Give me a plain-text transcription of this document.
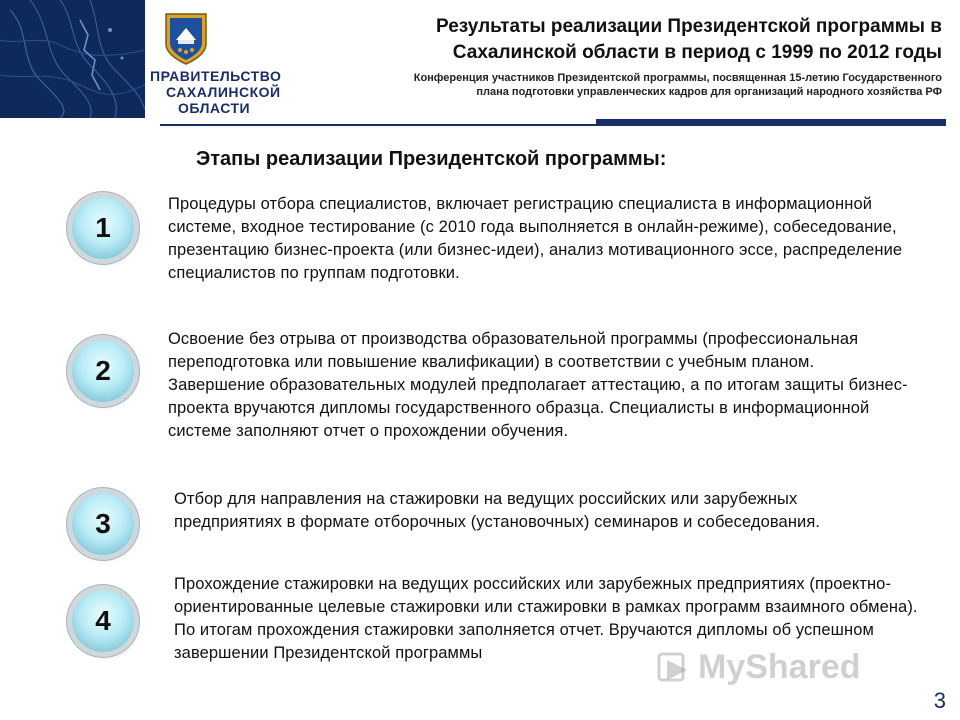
ПРАВИТЕЛЬСТВО
САХАЛИНСКОЙ
ОБЛАСТИ
Результаты реализации Президентской программы в
Сахалинской области в период с 1999 по 2012 годы
Конференция участников Президентской программы, посвященная 15-летию Государственного
плана подготовки управленческих кадров для организаций народного хозяйства РФ
Этапы реализации Президентской программы:
1
Процедуры отбора специалистов, включает регистрацию специалиста в информационной системе, входное тестирование (с 2010 года выполняется в онлайн-режиме), собеседование, презентацию бизнес-проекта (или бизнес-идеи), анализ мотивационного эссе, распределение специалистов по группам подготовки.
2
Освоение без отрыва от производства образовательной программы (профессиональная переподготовка или повышение квалификации) в соответствии с учебным планом. Завершение образовательных модулей предполагает аттестацию, а по итогам защиты бизнес-проекта вручаются дипломы государственного образца. Специалисты в информационной системе заполняют отчет о прохождении обучения.
3
Отбор для направления на стажировки на ведущих российских или зарубежных предприятиях в формате отборочных (установочных) семинаров и собеседования.
4
Прохождение стажировки на ведущих российских или зарубежных предприятиях (проектно-ориентированные целевые стажировки или стажировки в рамках программ взаимного обмена). По итогам прохождения стажировки заполняется отчет. Вручаются дипломы об успешном завершении Президентской программы	MyShared
3
